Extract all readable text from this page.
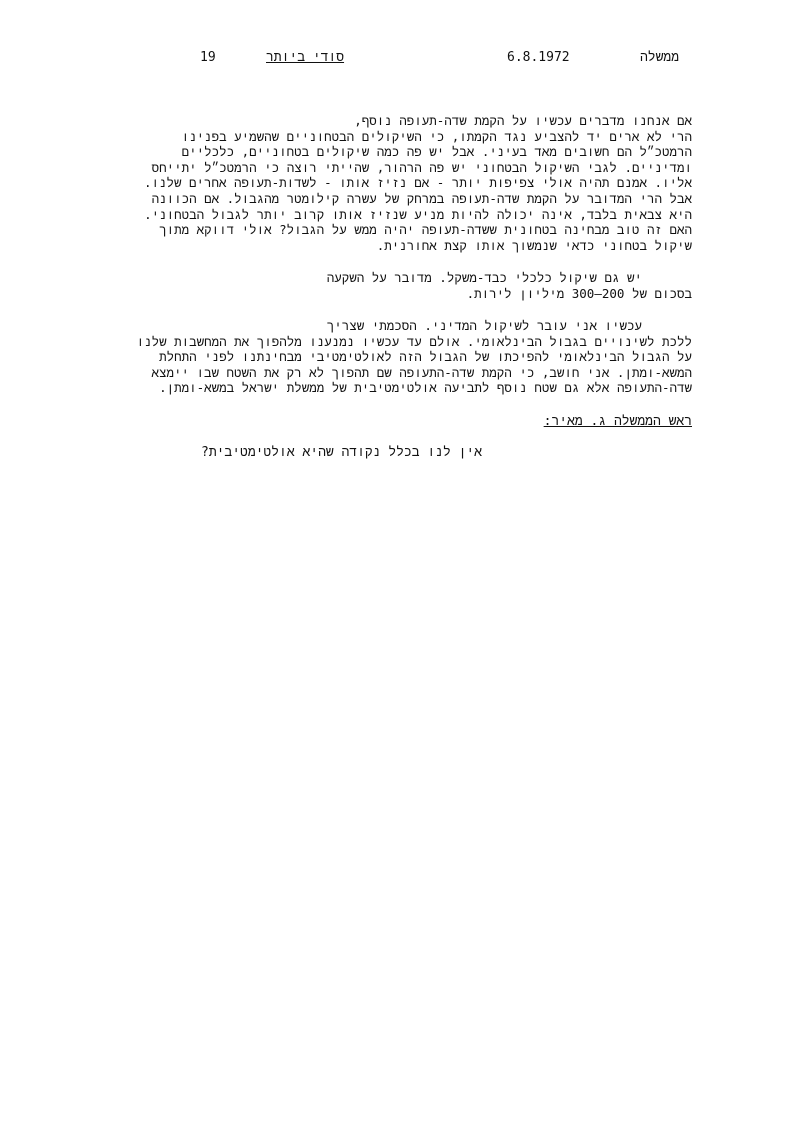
19	סודי ביותר	6.8.1972	ממשלה
אם אנחנו מדברים עכשיו על הקמת שדה-תעופה נוסף,
הרי לא ארים יד להצביע נגד הקמתו, כי השיקולים הבטחוניים שהשמיע בפנינו
הרמטכ״ל הם חשובים מאד בעיני. אבל יש פה כמה שיקולים בטחוניים, כלכליים
ומדיניים. לגבי השיקול הבטחוני יש פה הרהור, שהייתי רוצה כי הרמטכ״ל יתייחס
אליו. אמנם תהיה אולי צפיפות יותר - אם נזיז אותו - לשדות-תעופה אחרים שלנו.
אבל הרי המדובר על הקמת שדה-תעופה במרחק של עשרה קילומטר מהגבול. אם הכוונה
היא צבאית בלבד, אינה יכולה להיות מניע שנזיז אותו קרוב יותר לגבול הבטחוני.
האם זה טוב מבחינה בטחונית ששדה-תעופה יהיה ממש על הגבול? אולי דווקא מתוך
שיקול בטחוני כדאי שנמשוך אותו קצת אחורנית.
יש גם שיקול כלכלי כבד-משקל. מדובר על השקעה
בסכום של 200–300 מיליון לירות.
עכשיו אני עובר לשיקול המדיני. הסכמתי שצריך
ללכת לשינויים בגבול הבינלאומי. אולם עד עכשיו נמנענו מלהפוך את המחשבות שלנו
על הגבול הבינלאומי להפיכתו של הגבול הזה לאולטימטיבי מבחינתנו לפני התחלת
המשא-ומתן. אני חושב, כי הקמת שדה-התעופה שם תהפוך לא רק את השטח שבו יימצא
שדה-התעופה אלא גם שטח נוסף לתביעה אולטימטיבית של ממשלת ישראל במשא-ומתן.
ראש הממשלה ג. מאיר:
אין לנו בכלל נקודה שהיא אולטימטיבית?
